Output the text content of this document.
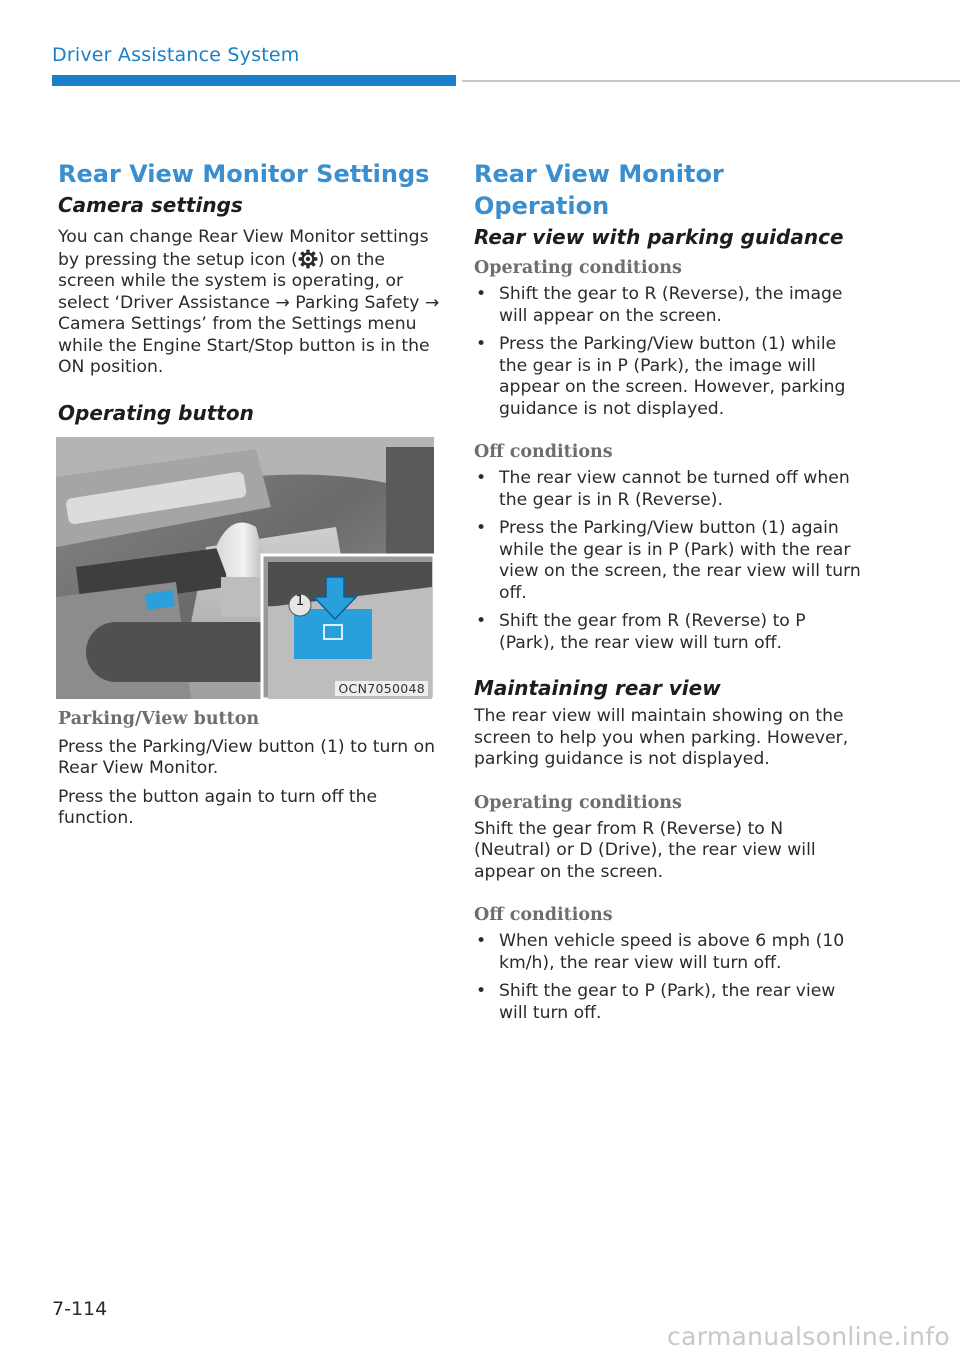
Driver Assistance System
Rear View Monitor Settings
Camera settings

You can change Rear View Monitor settings by pressing the setup icon ( ) on the screen while the system is operating, or select ‘Driver Assistance → Parking Safety → Camera Settings’ from the Settings menu while the Engine Start/Stop button is in the ON position.

Operating button
1
OCN7050048
Parking/View button

Press the Parking/View button (1) to turn on Rear View Monitor.

Press the button again to turn off the function.

Rear View Monitor Operation
Rear view with parking guidance
Operating conditions
• Shift the gear to R (Reverse), the image will appear on the screen.
• Press the Parking/View button (1) while the gear is in P (Park), the image will appear on the screen. However, parking guidance is not displayed.
Off conditions
• The rear view cannot be turned off when the gear is in R (Reverse).
• Press the Parking/View button (1) again while the gear is in P (Park) with the rear view on the screen, the rear view will turn off.
• Shift the gear from R (Reverse) to P (Park), the rear view will turn off.
Maintaining rear view

The rear view will maintain showing on the screen to help you when parking. However, parking guidance is not displayed.

Operating conditions

Shift the gear from R (Reverse) to N (Neutral) or D (Drive), the rear view will appear on the screen.

Off conditions
• When vehicle speed is above 6 mph (10 km/h), the rear view will turn off.
• Shift the gear to P (Park), the rear view will turn off.
7-114
carmanualsonline.info
